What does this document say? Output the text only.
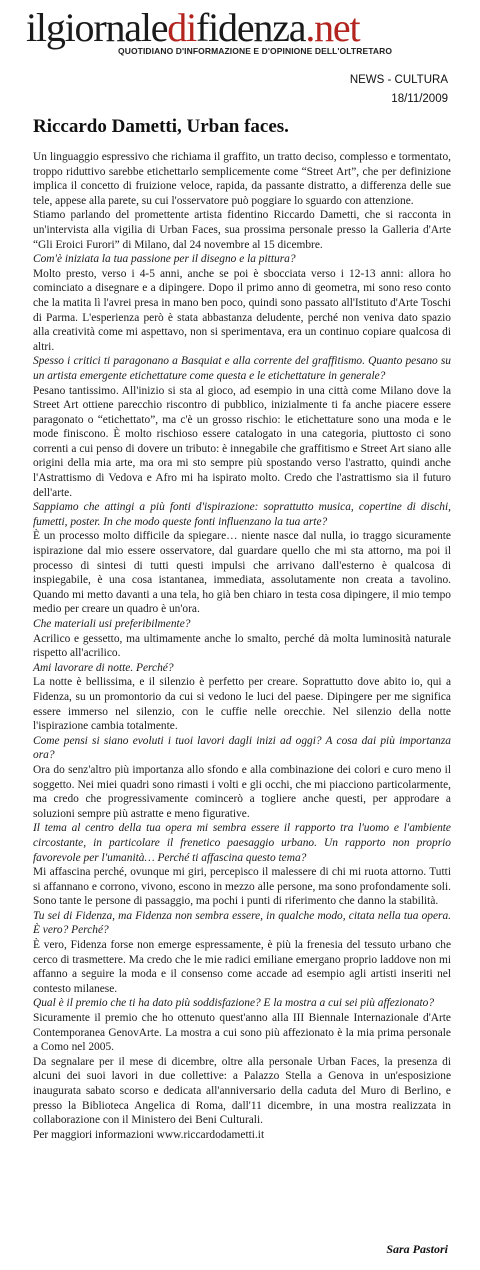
ilgiornaledifidenza.net
QUOTIDIANO D'INFORMAZIONE E D'OPINIONE DELL'OLTRETARO
NEWS - CULTURA
18/11/2009
Riccardo Dametti, Urban faces.

Un linguaggio espressivo che richiama il graffito, un tratto deciso, complesso e tormentato, troppo riduttivo sarebbe etichettarlo semplicemente come “Street Art”, che per definizione implica il concetto di fruizione veloce, rapida, da passante distratto, a differenza delle sue tele, appese alla parete, su cui l'osservatore può poggiare lo sguardo con attenzione.

Stiamo parlando del promettente artista fidentino Riccardo Dametti, che si racconta in un'intervista alla vigilia di Urban Faces, sua prossima personale presso la Galleria d'Arte “Gli Eroici Furori” di Milano, dal 24 novembre al 15 dicembre.

Com'è iniziata la tua passione per il disegno e la pittura?

Molto presto, verso i 4-5 anni, anche se poi è sbocciata verso i 12-13 anni: allora ho cominciato a disegnare e a dipingere. Dopo il primo anno di geometra, mi sono reso conto che la matita lì l'avrei presa in mano ben poco, quindi sono passato all'Istituto d'Arte Toschi di Parma. L'esperienza però è stata abbastanza deludente, perché non veniva dato spazio alla creatività come mi aspettavo, non si sperimentava, era un continuo copiare qualcosa di altri.

Spesso i critici ti paragonano a Basquiat e alla corrente del graffitismo. Quanto pesano su un artista emergente etichettature come questa e le etichettature in generale?

Pesano tantissimo. All'inizio si sta al gioco, ad esempio in una città come Milano dove la Street Art ottiene parecchio riscontro di pubblico, inizialmente ti fa anche piacere essere paragonato o “etichettato”, ma c'è un grosso rischio: le etichettature sono una moda e le mode finiscono. È molto rischioso essere catalogato in una categoria, piuttosto ci sono correnti a cui penso di dovere un tributo: è innegabile che graffitismo e Street Art siano alle origini della mia arte, ma ora mi sto sempre più spostando verso l'astratto, quindi anche l'Astrattismo di Vedova e Afro mi ha ispirato molto. Credo che l'astrattismo sia il futuro dell'arte.

Sappiamo che attingi a più fonti d'ispirazione: soprattutto musica, copertine di dischi, fumetti, poster. In che modo queste fonti influenzano la tua arte?

È un processo molto difficile da spiegare… niente nasce dal nulla, io traggo sicuramente ispirazione dal mio essere osservatore, dal guardare quello che mi sta attorno, ma poi il processo di sintesi di tutti questi impulsi che arrivano dall'esterno è qualcosa di inspiegabile, è una cosa istantanea, immediata, assolutamente non creata a tavolino. Quando mi metto davanti a una tela, ho già ben chiaro in testa cosa dipingere, il mio tempo medio per creare un quadro è un'ora.

Che materiali usi preferibilmente?

Acrilico e gessetto, ma ultimamente anche lo smalto, perché dà molta luminosità naturale rispetto all'acrilico.

Ami lavorare di notte. Perché?

La notte è bellissima, e il silenzio è perfetto per creare. Soprattutto dove abito io, qui a Fidenza, su un promontorio da cui si vedono le luci del paese. Dipingere per me significa essere immerso nel silenzio, con le cuffie nelle orecchie. Nel silenzio della notte l'ispirazione cambia totalmente.

Come pensi si siano evoluti i tuoi lavori dagli inizi ad oggi? A cosa dai più importanza ora?

Ora do senz'altro più importanza allo sfondo e alla combinazione dei colori e curo meno il soggetto. Nei miei quadri sono rimasti i volti e gli occhi, che mi piacciono particolarmente, ma credo che progressivamente comincerò a togliere anche questi, per approdare a soluzioni sempre più astratte e meno figurative.

Il tema al centro della tua opera mi sembra essere il rapporto tra l'uomo e l'ambiente circostante, in particolare il frenetico paesaggio urbano. Un rapporto non proprio favorevole per l'umanità… Perché ti affascina questo tema?

Mi affascina perché, ovunque mi giri, percepisco il malessere di chi mi ruota attorno. Tutti si affannano e corrono, vivono, escono in mezzo alle persone, ma sono profondamente soli. Sono tante le persone di passaggio, ma pochi i punti di riferimento che danno la stabilità.

Tu sei di Fidenza, ma Fidenza non sembra essere, in qualche modo, citata nella tua opera. È vero? Perché?

È vero, Fidenza forse non emerge espressamente, è più la frenesia del tessuto urbano che cerco di trasmettere. Ma credo che le mie radici emiliane emergano proprio laddove non mi affanno a seguire la moda e il consenso come accade ad esempio agli artisti inseriti nel contesto milanese.

Qual è il premio che ti ha dato più soddisfazione? E la mostra a cui sei più affezionato?

Sicuramente il premio che ho ottenuto quest'anno alla III Biennale Internazionale d'Arte Contemporanea GenovArte. La mostra a cui sono più affezionato è la mia prima personale a Como nel 2005.

Da segnalare per il mese di dicembre, oltre alla personale Urban Faces, la presenza di alcuni dei suoi lavori in due collettive: a Palazzo Stella a Genova in un'esposizione inaugurata sabato scorso e dedicata all'anniversario della caduta del Muro di Berlino, e presso la Biblioteca Angelica di Roma, dall'11 dicembre, in una mostra realizzata in collaborazione con il Ministero dei Beni Culturali.

Per maggiori informazioni www.riccardodametti.it

Sara Pastori
